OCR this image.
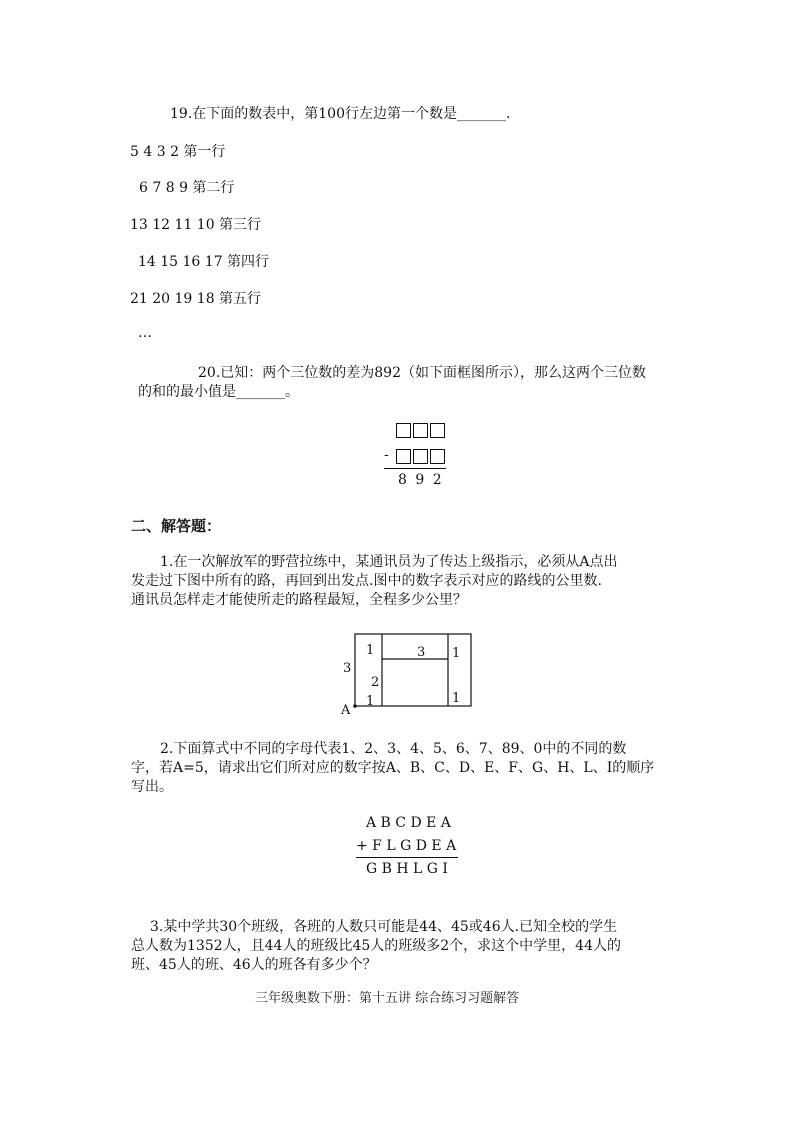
19.在下面的数表中，第100行左边第一个数是_______.
5 4 3 2 第一行
6 7 8 9 第二行
13 12 11 10 第三行
14 15 16 17 第四行
21 20 19 18 第五行
…
20.已知：两个三位数的差为892（如下面框图所示），那么这两个三位数
的和的最小值是_______。
-
8 9 2
二、解答题：
1.在一次解放军的野营拉练中，某通讯员为了传达上级指示，必须从A点出
发走过下图中所有的路，再回到出发点.图中的数字表示对应的路线的公里数.
通讯员怎样走才能使所走的路程最短，全程多少公里？
1	3 1
3
2
1	1
A
2.下面算式中不同的字母代表1、2、3、4、5、6、7、89、0中的不同的数
字，若A=5，请求出它们所对应的数字按A、B、C、D、E、F、G、H、L、I的顺序
写出。
A B C D E A
+ F L G D E A
G B H L G I
3.某中学共30个班级，各班的人数只可能是44、45或46人.已知全校的学生
总人数为1352人，且44人的班级比45人的班级多2个，求这个中学里，44人的
班、45人的班、46人的班各有多少个？
三年级奥数下册：第十五讲 综合练习习题解答
